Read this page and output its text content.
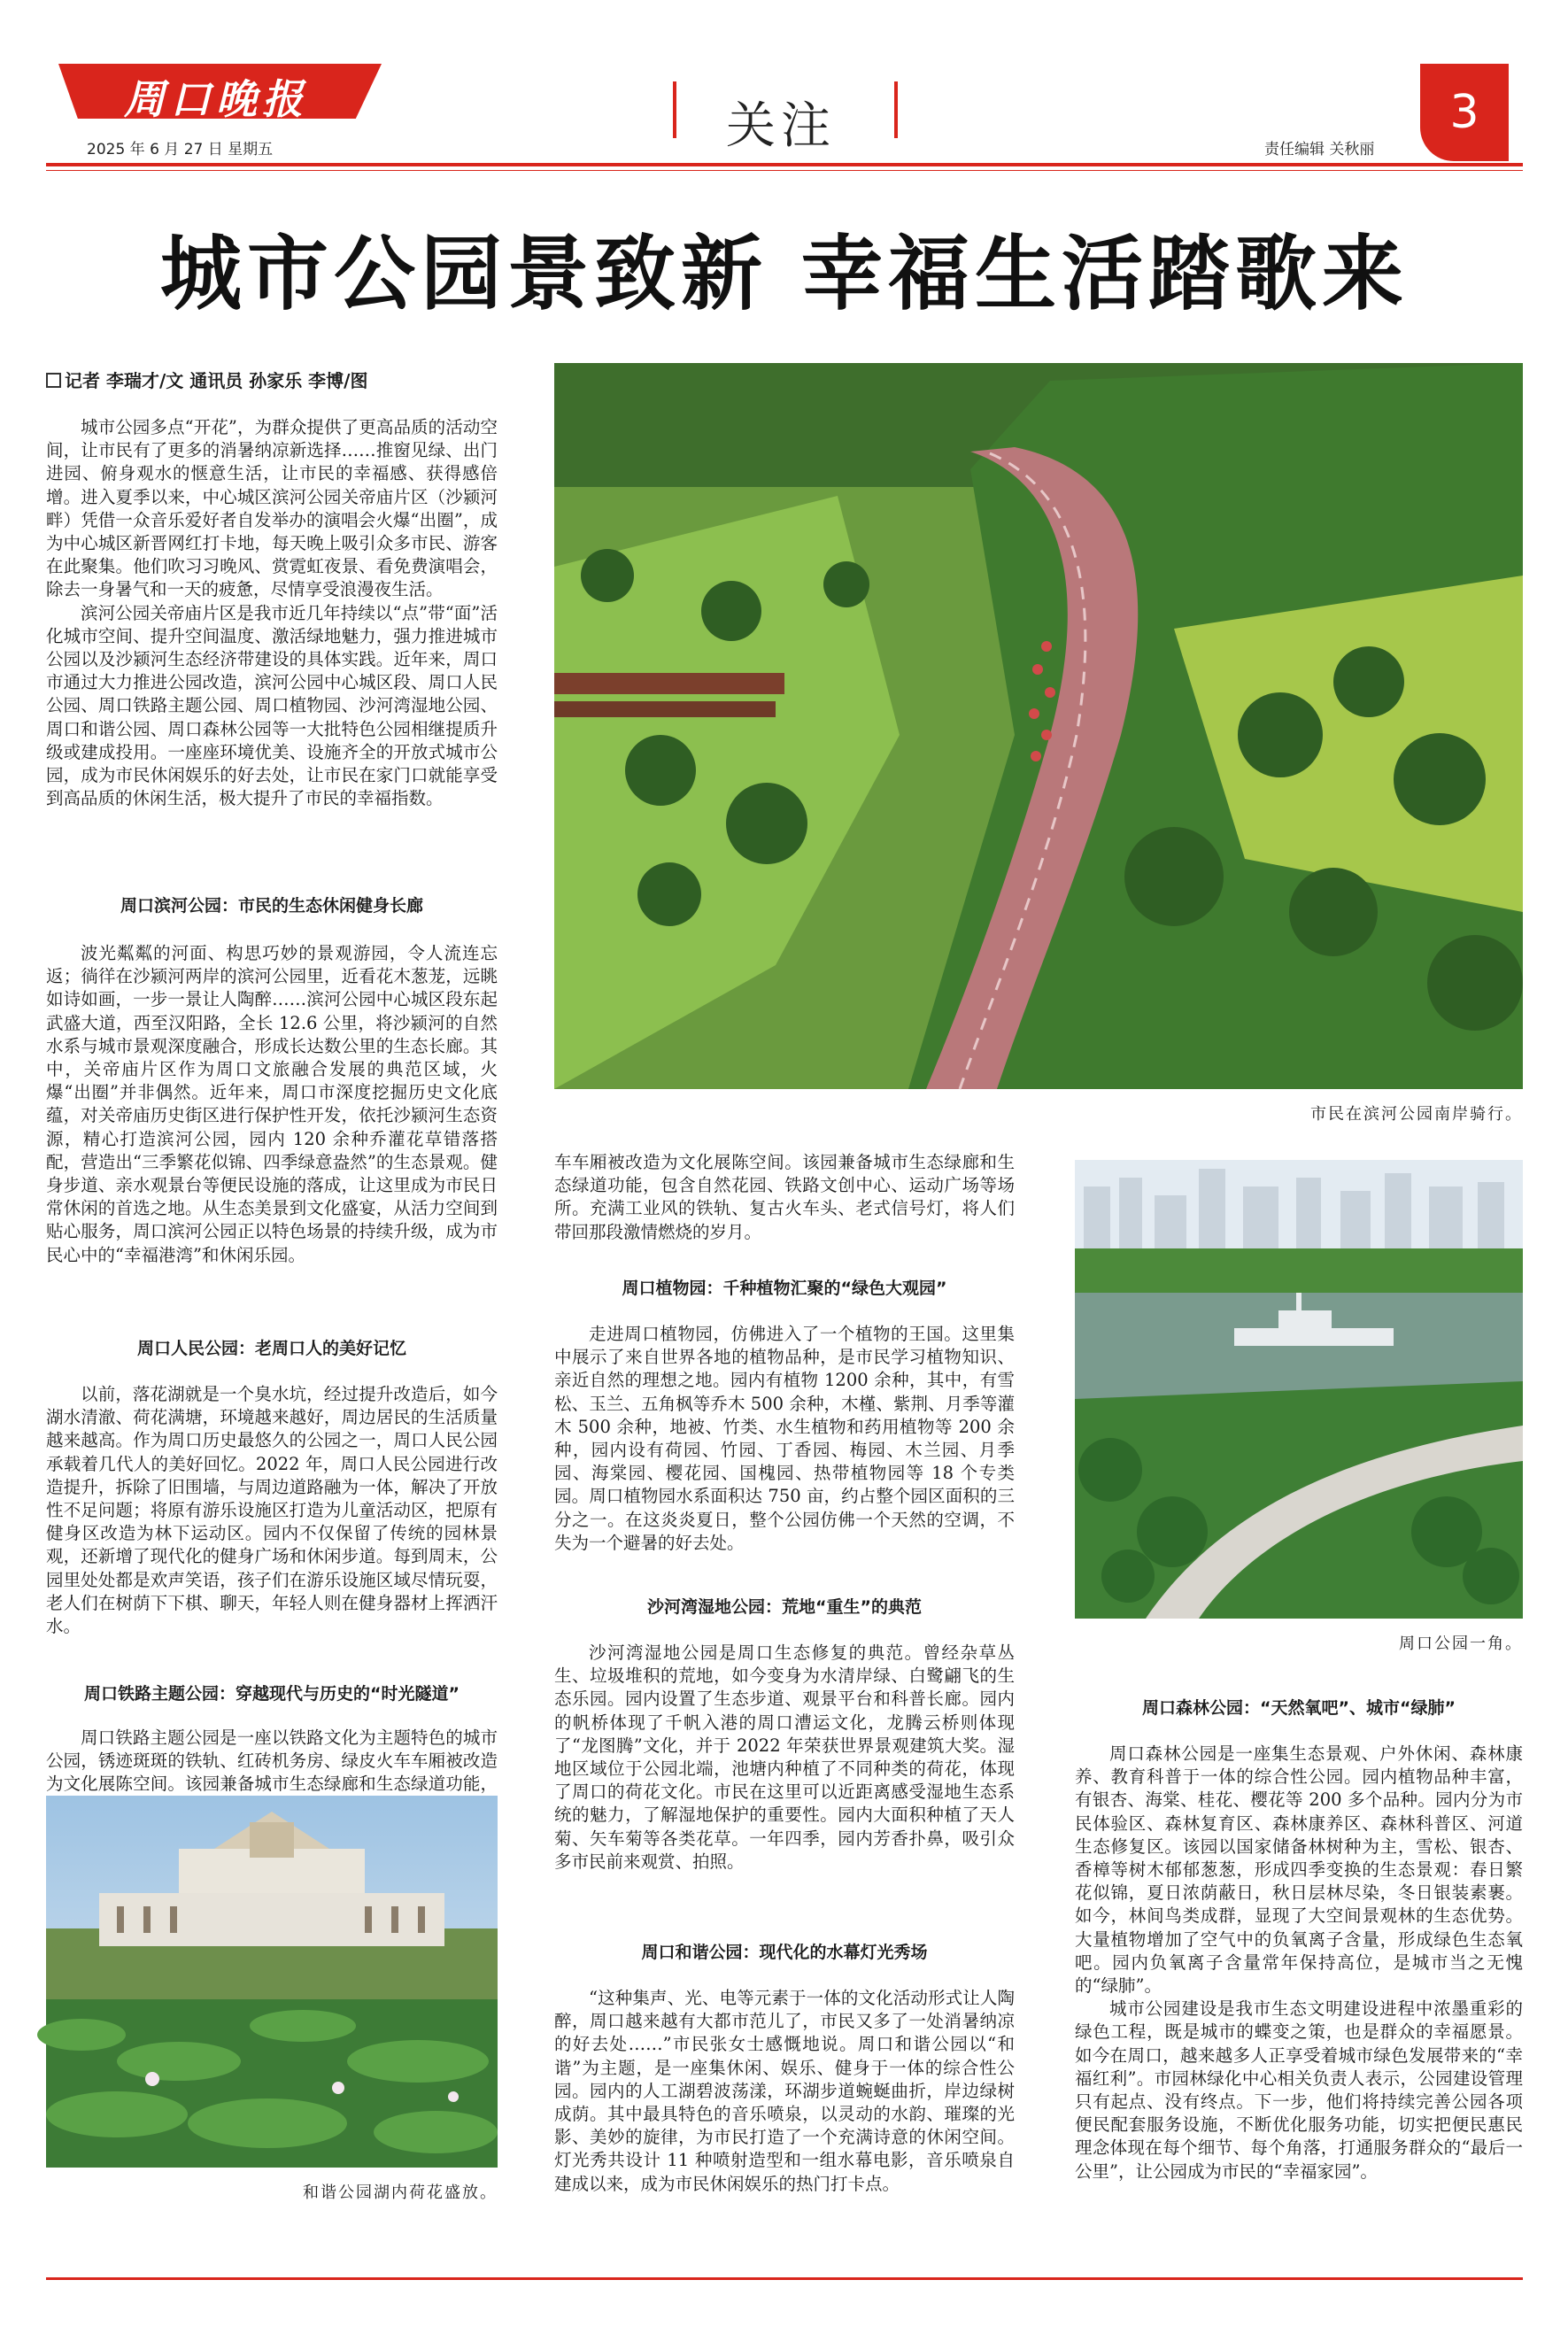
周口晚报
2025 年 6 月 27 日 星期五	关注	3
责任编辑 关秋丽
城市公园景致新 幸福生活踏歌来
记者 李瑞才/文 通讯员 孙家乐 李博/图

城市公园多点“开花”，为群众提供了更高品质的活动空间，让市民有了更多的消暑纳凉新选择……推窗见绿、出门进园、俯身观水的惬意生活，让市民的幸福感、获得感倍增。进入夏季以来，中心城区滨河公园关帝庙片区（沙颍河畔）凭借一众音乐爱好者自发举办的演唱会火爆“出圈”，成为中心城区新晋网红打卡地，每天晚上吸引众多市民、游客在此聚集。他们吹习习晚风、赏霓虹夜景、看免费演唱会，除去一身暑气和一天的疲惫，尽情享受浪漫夜生活。

滨河公园关帝庙片区是我市近几年持续以“点”带“面”活化城市空间、提升空间温度、激活绿地魅力，强力推进城市公园以及沙颍河生态经济带建设的具体实践。近年来，周口市通过大力推进公园改造，滨河公园中心城区段、周口人民公园、周口铁路主题公园、周口植物园、沙河湾湿地公园、周口和谐公园、周口森林公园等一大批特色公园相继提质升级或建成投用。一座座环境优美、设施齐全的开放式城市公园，成为市民休闲娱乐的好去处，让市民在家门口就能享受到高品质的休闲生活，极大提升了市民的幸福指数。

周口滨河公园：市民的生态休闲健身长廊

波光粼粼的河面、构思巧妙的景观游园，令人流连忘返；徜徉在沙颍河两岸的滨河公园里，近看花木葱茏，远眺如诗如画，一步一景让人陶醉……滨河公园中心城区段东起武盛大道，西至汉阳路，全长 12.6 公里，将沙颍河的自然水系与城市景观深度融合，形成长达数公里的生态长廊。其中，关帝庙片区作为周口文旅融合发展的典范区域，火爆“出圈”并非偶然。近年来，周口市深度挖掘历史文化底蕴，对关帝庙历史街区进行保护性开发，依托沙颍河生态资源，精心打造滨河公园，园内 120 余种乔灌花草错落搭配，营造出“三季繁花似锦、四季绿意盎然”的生态景观。健身步道、亲水观景台等便民设施的落成，让这里成为市民日常休闲的首选之地。从生态美景到文化盛宴，从活力空间到贴心服务，周口滨河公园正以特色场景的持续升级，成为市民心中的“幸福港湾”和休闲乐园。

周口人民公园：老周口人的美好记忆

以前，落花湖就是一个臭水坑，经过提升改造后，如今湖水清澈、荷花满塘，环境越来越好，周边居民的生活质量越来越高。作为周口历史最悠久的公园之一，周口人民公园承载着几代人的美好回忆。2022 年，周口人民公园进行改造提升，拆除了旧围墙，与周边道路融为一体，解决了开放性不足问题；将原有游乐设施区打造为儿童活动区，把原有健身区改造为林下运动区。园内不仅保留了传统的园林景观，还新增了现代化的健身广场和休闲步道。每到周末，公园里处处都是欢声笑语，孩子们在游乐设施区域尽情玩耍，老人们在树荫下下棋、聊天，年轻人则在健身器材上挥洒汗水。

周口铁路主题公园：穿越现代与历史的“时光隧道”

周口铁路主题公园是一座以铁路文化为主题特色的城市公园，锈迹斑斑的铁轨、红砖机务房、绿皮火车车厢被改造为文化展陈空间。该园兼备城市生态绿廊和生态绿道功能，

和谐公园湖内荷花盛放。
市民在滨河公园南岸骑行。

车车厢被改造为文化展陈空间。该园兼备城市生态绿廊和生态绿道功能，包含自然花园、铁路文创中心、运动广场等场所。充满工业风的铁轨、复古火车头、老式信号灯，将人们带回那段激情燃烧的岁月。

周口植物园：千种植物汇聚的“绿色大观园”

走进周口植物园，仿佛进入了一个植物的王国。这里集中展示了来自世界各地的植物品种，是市民学习植物知识、亲近自然的理想之地。园内有植物 1200 余种，其中，有雪松、玉兰、五角枫等乔木 500 余种，木槿、紫荆、月季等灌木 500 余种，地被、竹类、水生植物和药用植物等 200 余种，园内设有荷园、竹园、丁香园、梅园、木兰园、月季园、海棠园、樱花园、国槐园、热带植物园等 18 个专类园。周口植物园水系面积达 750 亩，约占整个园区面积的三分之一。在这炎炎夏日，整个公园仿佛一个天然的空调，不失为一个避暑的好去处。

沙河湾湿地公园：荒地“重生”的典范

沙河湾湿地公园是周口生态修复的典范。曾经杂草丛生、垃圾堆积的荒地，如今变身为水清岸绿、白鹭翩飞的生态乐园。园内设置了生态步道、观景平台和科普长廊。园内的帆桥体现了千帆入港的周口漕运文化，龙腾云桥则体现了“龙图腾”文化，并于 2022 年荣获世界景观建筑大奖。湿地区域位于公园北端，池塘内种植了不同种类的荷花，体现了周口的荷花文化。市民在这里可以近距离感受湿地生态系统的魅力，了解湿地保护的重要性。园内大面积种植了天人菊、矢车菊等各类花草。一年四季，园内芳香扑鼻，吸引众多市民前来观赏、拍照。

周口和谐公园：现代化的水幕灯光秀场

“这种集声、光、电等元素于一体的文化活动形式让人陶醉，周口越来越有大都市范儿了，市民又多了一处消暑纳凉的好去处……”市民张女士感慨地说。周口和谐公园以“和谐”为主题，是一座集休闲、娱乐、健身于一体的综合性公园。园内的人工湖碧波荡漾，环湖步道蜿蜒曲折，岸边绿树成荫。其中最具特色的音乐喷泉，以灵动的水韵、璀璨的光影、美妙的旋律，为市民打造了一个充满诗意的休闲空间。灯光秀共设计 11 种喷射造型和一组水幕电影，音乐喷泉自建成以来，成为市民休闲娱乐的热门打卡点。

周口公园一角。
周口森林公园：“天然氧吧”、城市“绿肺”

周口森林公园是一座集生态景观、户外休闲、森林康养、教育科普于一体的综合性公园。园内植物品种丰富，有银杏、海棠、桂花、樱花等 200 多个品种。园内分为市民体验区、森林复育区、森林康养区、森林科普区、河道生态修复区。该园以国家储备林树种为主，雪松、银杏、香樟等树木郁郁葱葱，形成四季变换的生态景观：春日繁花似锦，夏日浓荫蔽日，秋日层林尽染，冬日银装素裹。如今，林间鸟类成群，显现了大空间景观林的生态优势。大量植物增加了空气中的负氧离子含量，形成绿色生态氧吧。园内负氧离子含量常年保持高位，是城市当之无愧的“绿肺”。

城市公园建设是我市生态文明建设进程中浓墨重彩的绿色工程，既是城市的蝶变之策，也是群众的幸福愿景。如今在周口，越来越多人正享受着城市绿色发展带来的“幸福红利”。市园林绿化中心相关负责人表示，公园建设管理只有起点、没有终点。下一步，他们将持续完善公园各项便民配套服务设施，不断优化服务功能，切实把便民惠民理念体现在每个细节、每个角落，打通服务群众的“最后一公里”，让公园成为市民的“幸福家园”。
